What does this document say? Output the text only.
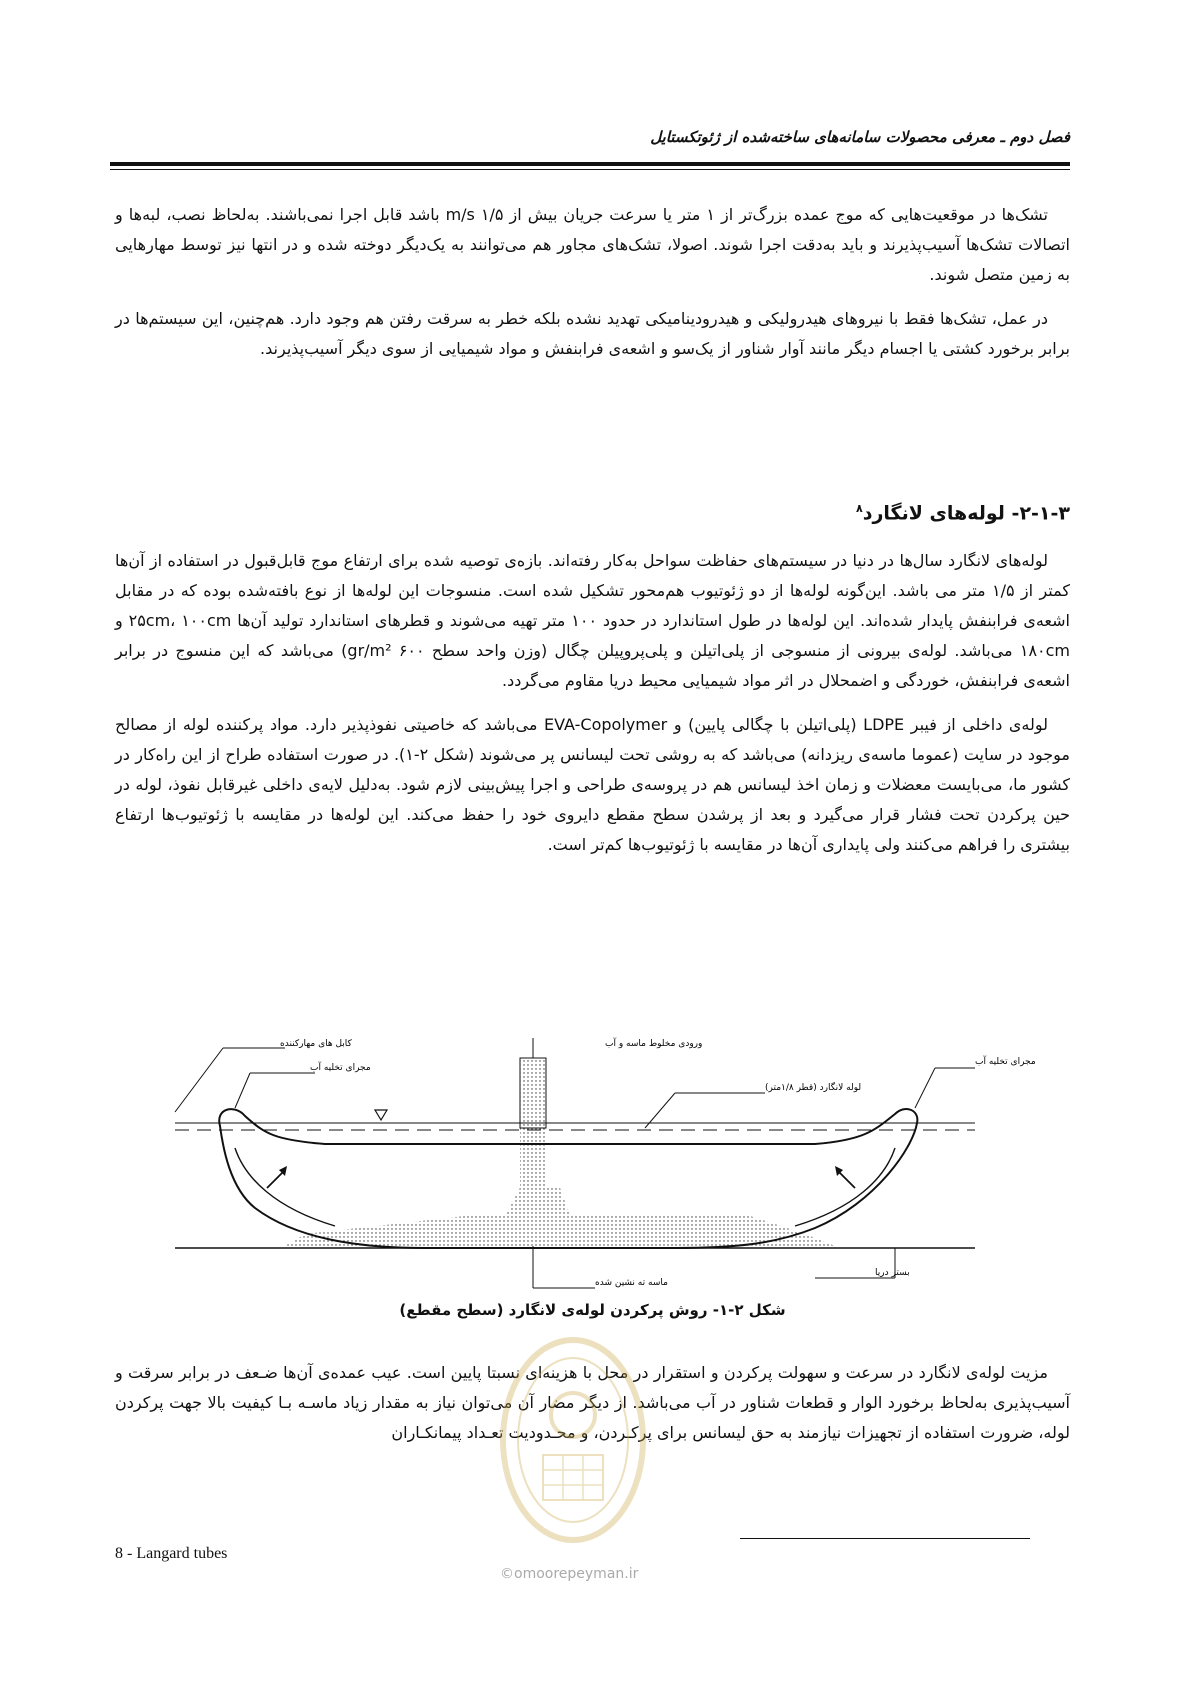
فصل دوم ـ معرفی محصولات سامانه‌های ساخته‌شده از ژئوتکستایل

تشک‌ها در موقعیت‌هایی که موج عمده بزرگ‌تر از ۱ متر یا سرعت جریان بیش از m/s ۱/۵ باشد قابل اجرا نمی‌باشند. به‌لحاظ نصب، لبه‌ها و اتصالات تشک‌ها آسیب‌پذیرند و باید به‌دقت اجرا شوند. اصولا، تشک‌های مجاور هم می‌توانند به یک‌دیگر دوخته شده و در انتها نیز توسط مهارهایی به زمین متصل شوند.

در عمل، تشک‌ها فقط با نیروهای هیدرولیکی و هیدرودینامیکی تهدید نشده بلکه خطر به سرقت رفتن هم وجود دارد. هم‌چنین، این سیستم‌ها در برابر برخورد کشتی یا اجسام دیگر مانند آوار شناور از یک‌سو و اشعه‌ی فرابنفش و مواد شیمیایی از سوی دیگر آسیب‌پذیرند.

۲-۱-۳- لوله‌های لانگارد$^۸$

لوله‌های لانگارد سال‌ها در دنیا در سیستم‌های حفاظت سواحل به‌کار رفته‌اند. بازه‌ی توصیه شده برای ارتفاع موج قابل‌قبول در استفاده از آن‌ها کمتر از ۱/۵ متر می باشد. این‌گونه لوله‌ها از دو ژئوتیوب هم‌محور تشکیل شده است. منسوجات این لوله‌ها از نوع بافته‌شده بوده که در مقابل اشعه‌ی فرابنفش پایدار شده‌اند. این لوله‌ها در طول استاندارد در حدود ۱۰۰ متر تهیه می‌شوند و قطرهای استاندارد تولید آن‌ها ۲۵cm، ۱۰۰cm و ۱۸۰cm می‌باشد. لوله‌ی بیرونی از منسوجی از پلی‌اتیلن و پلی‌پروپیلن چگال (وزن واحد سطح ۶۰۰ gr/m²) می‌باشد که این منسوج در برابر اشعه‌ی فرابنفش، خوردگی و اضمحلال در اثر مواد شیمیایی محیط دریا مقاوم می‌گردد.

لوله‌ی داخلی از فیبر LDPE (پلی‌اتیلن با چگالی پایین) و EVA-Copolymer می‌باشد که خاصیتی نفوذپذیر دارد. مواد پرکننده لوله از مصالح موجود در سایت (عموما ماسه‌ی ریزدانه) می‌باشد که به روشی تحت لیسانس پر می‌شوند (شکل ۲-۱). در صورت استفاده طراح از این راه‌کار در کشور ما، می‌بایست معضلات و زمان اخذ لیسانس هم در پروسه‌ی طراحی و اجرا پیش‌بینی لازم شود. به‌دلیل لایه‌ی داخلی غیرقابل نفوذ، لوله در حین پرکردن تحت فشار قرار می‌گیرد و بعد از پرشدن سطح مقطع دایروی خود را حفظ می‌کند. این لوله‌ها در مقایسه با ژئوتیوب‌ها ارتفاع بیشتری را فراهم می‌کنند ولی پایداری آن‌ها در مقایسه با ژئوتیوب‌ها کم‌تر است.

کابل های مهارکننده
مجرای تخلیه آب
ورودی مخلوط ماسه و آب
لوله لانگارد (قطر ۱/۸متر)
مجرای تخلیه آب
ماسه ته نشین شده
بستر دریا
شکل ۲-۱- روش پرکردن لوله‌ی لانگارد (سطح مقطع)

مزیت لوله‌ی لانگارد در سرعت و سهولت پرکردن و استقرار در محل با هزینه‌ای نسبتا پایین است. عیب عمده‌ی آن‌ها ضـعف در برابر سرقت و آسیب‌پذیری به‌لحاظ برخورد الوار و قطعات شناور در آب می‌باشد. از دیگر مضار آن می‌توان نیاز به مقدار زیاد ماسـه بـا کیفیت بالا جهت پرکردن لوله، ضرورت استفاده از تجهیزات نیازمند به حق لیسانس برای پرکـردن، و محـدودیت تعـداد پیمانکـاران

8 - Langard tubes
©omoorepeyman.ir
